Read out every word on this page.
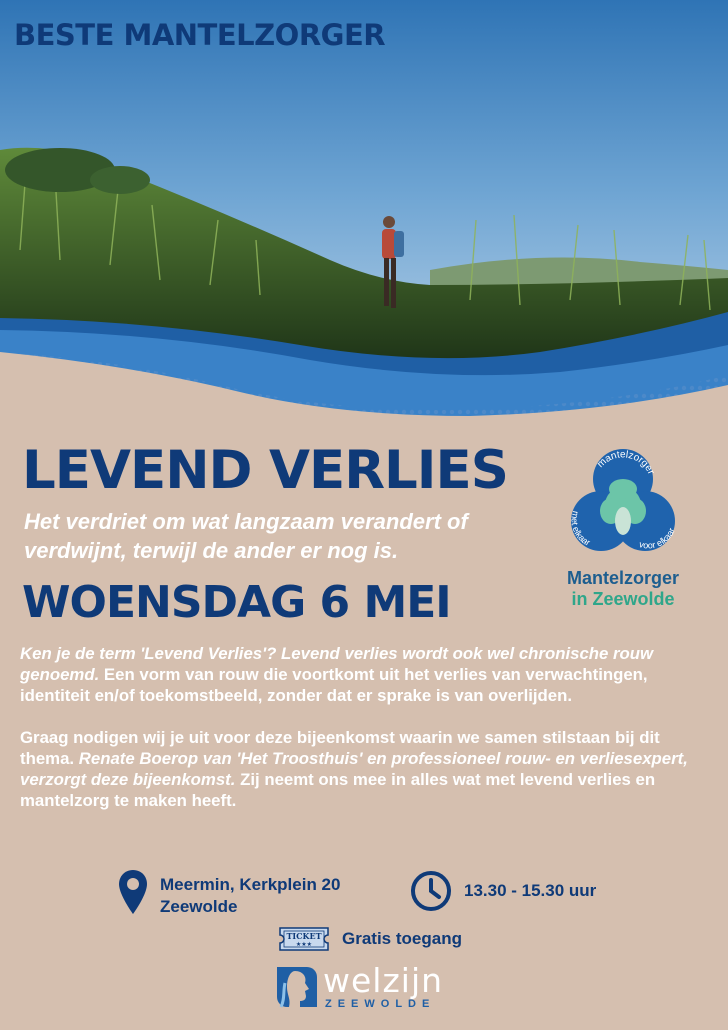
BESTE MANTELZORGER
LEVEND VERLIES

Het verdriet om wat langzaam verandert of verdwijnt, terwijl de ander er nog is.

WOENSDAG 6 MEI
mantelzorger
met elkaar	voor elkaar
Mantelzorger
in Zeewolde

Ken je de term 'Levend Verlies'? Levend verlies wordt ook wel chronische rouw genoemd. Een vorm van rouw die voortkomt uit het verlies van verwachtingen, identiteit en/of toekomstbeeld, zonder dat er sprake is van overlijden.

Graag nodigen wij je uit voor deze bijeenkomst waarin we samen stilstaan bij dit thema. Renate Boerop van 'Het Troosthuis' en professioneel rouw- en verliesexpert, verzorgt deze bijeenkomst. Zij neemt ons mee in alles wat met levend verlies en mantelzorg te maken heeft.

Meermin, Kerkplein 20
Zeewolde
13.30 - 15.30 uur
TICKET
★★★ Gratis toegang
welzijn
ZEEWOLDE
